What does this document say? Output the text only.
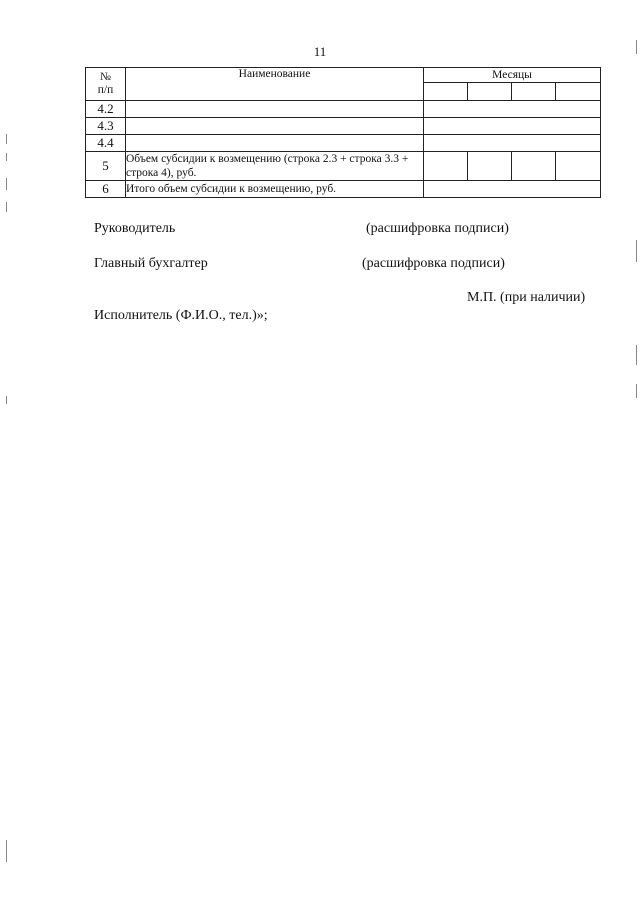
11
№
п/п	Наименование	Месяцы			

4.2					
4.3					
4.4					
5	Объем субсидии к возмещению (строка 2.3 + строка 3.3 + строка 4), руб.				
6	Итого объем субсидии к возмещению, руб.				
Руководитель	(расшифровка подписи)
Главный бухгалтер	(расшифровка подписи)
М.П. (при наличии)
Исполнитель (Ф.И.О., тел.)»;
